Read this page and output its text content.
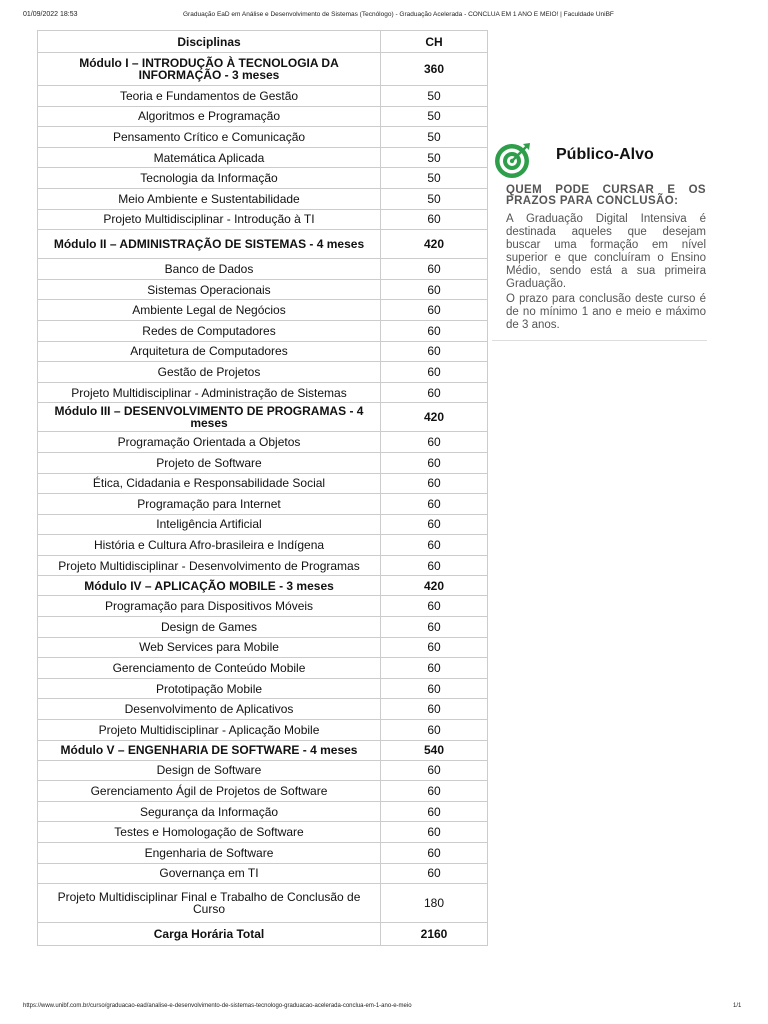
01/09/2022 18:53	Graduação EaD em Análise e Desenvolvimento de Sistemas (Tecnólogo) - Graduação Acelerada - CONCLUA EM 1 ANO E MEIO! | Faculdade UniBF
Disciplinas	CH
Módulo I – INTRODUÇÃO À TECNOLOGIA DA INFORMAÇÃO - 3 meses	360
Teoria e Fundamentos de Gestão	50
Algoritmos e Programação	50
Pensamento Crítico e Comunicação	50
Matemática Aplicada	50
Tecnologia da Informação	50
Meio Ambiente e Sustentabilidade	50
Projeto Multidisciplinar - Introdução à TI	60
Módulo II – ADMINISTRAÇÃO DE SISTEMAS - 4 meses	420
Banco de Dados	60
Sistemas Operacionais	60
Ambiente Legal de Negócios	60
Redes de Computadores	60
Arquitetura de Computadores	60
Gestão de Projetos	60
Projeto Multidisciplinar - Administração de Sistemas	60
Módulo III – DESENVOLVIMENTO DE PROGRAMAS - 4 meses	420
Programação Orientada a Objetos	60
Projeto de Software	60
Ética, Cidadania e Responsabilidade Social	60
Programação para Internet	60
Inteligência Artificial	60
História e Cultura Afro-brasileira e Indígena	60
Projeto Multidisciplinar - Desenvolvimento de Programas	60
Módulo IV – APLICAÇÃO MOBILE - 3 meses	420
Programação para Dispositivos Móveis	60
Design de Games	60
Web Services para Mobile	60
Gerenciamento de Conteúdo Mobile	60
Prototipação Mobile	60
Desenvolvimento de Aplicativos	60
Projeto Multidisciplinar - Aplicação Mobile	60
Módulo V – ENGENHARIA DE SOFTWARE - 4 meses	540
Design de Software	60
Gerenciamento Ágil de Projetos de Software	60
Segurança da Informação	60
Testes e Homologação de Software	60
Engenharia de Software	60
Governança em TI	60
Projeto Multidisciplinar Final e Trabalho de Conclusão de Curso	180
Carga Horária Total	2160
Público-Alvo
QUEM PODE CURSAR E OS PRAZOS PARA CONCLUSÃO:
A Graduação Digital Intensiva é destinada aqueles que desejam buscar uma formação em nível superior e que concluíram o Ensino Médio, sendo está a sua primeira Graduação.
O prazo para conclusão deste curso é de no mínimo 1 ano e meio e máximo de 3 anos.
https://www.unibf.com.br/curso/graduacao-ead/analise-e-desenvolvimento-de-sistemas-tecnologo-graduacao-acelerada-conclua-em-1-ano-e-meio	1/1
